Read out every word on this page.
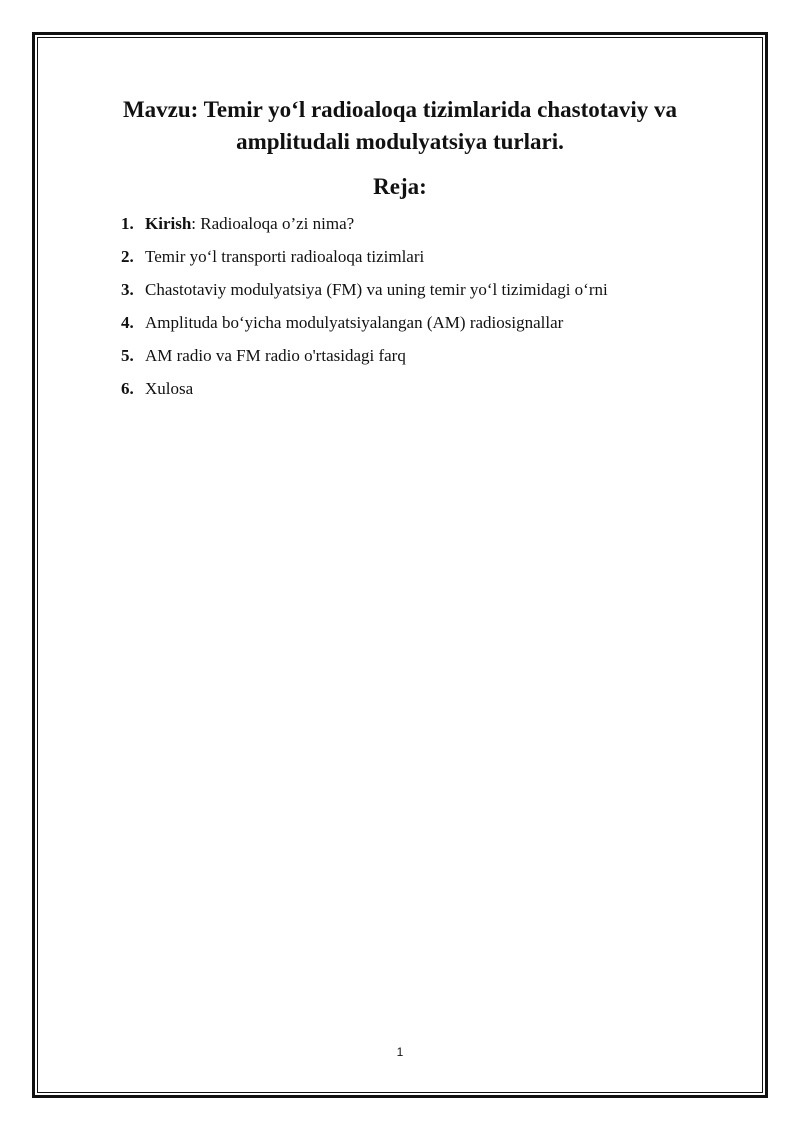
Mavzu: Temir yo‘l radioaloqa tizimlarida chastotaviy va
amplitudali modulyatsiya turlari.
Reja:
1. Kirish: Radioaloqa o’zi nima?
2. Temir yo‘l transporti radioaloqa tizimlari
3. Chastotaviy modulyatsiya (FM) va uning temir yo‘l tizimidagi o‘rni
4. Amplituda bo‘yicha modulyatsiyalangan (AM) radiosignallar
5. AM radio va FM radio o'rtasidagi farq
6. Xulosa
1
